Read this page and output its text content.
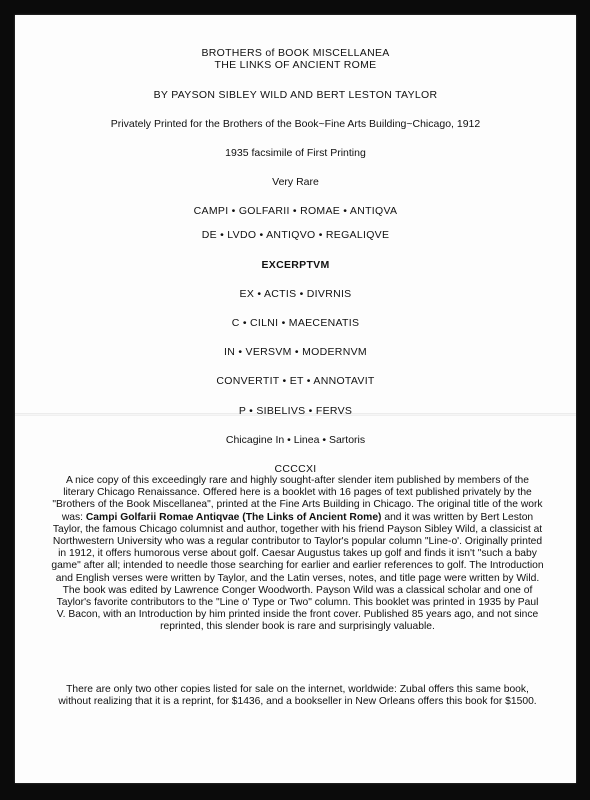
BROTHERS of BOOK MISCELLANEA
THE LINKS OF ANCIENT ROME
BY PAYSON SIBLEY WILD AND BERT LESTON TAYLOR
Privately Printed for the Brothers of the Book~Fine Arts Building~Chicago, 1912
1935 facsimile of First Printing
Very Rare
CAMPI • GOLFARII • ROMAE • ANTIQVA
DE • LVDO • ANTIQVO • REGALIQVE
EXCERPTVM
EX • ACTIS • DIVRNIS
C • CILNI • MAECENATIS
IN • VERSVM • MODERNVM
CONVERTIT • ET • ANNOTAVIT
P • SIBELIVS • FERVS
Chicagine In • Linea • Sartoris
CCCCXI
A nice copy of this exceedingly rare and highly sought-after slender item published by members of the literary Chicago Renaissance. Offered here is a booklet with 16 pages of text published privately by the "Brothers of the Book Miscellanea", printed at the Fine Arts Building in Chicago. The original title of the work was: Campi Golfarii Romae Antiqvae (The Links of Ancient Rome) and it was written by Bert Leston Taylor, the famous Chicago columnist and author, together with his friend Payson Sibley Wild, a classicist at Northwestern University who was a regular contributor to Taylor's popular column "Line-o'. Originally printed in 1912, it offers humorous verse about golf. Caesar Augustus takes up golf and finds it isn't "such a baby game" after all; intended to needle those searching for earlier and earlier references to golf. The Introduction and English verses were written by Taylor, and the Latin verses, notes, and title page were written by Wild. The book was edited by Lawrence Conger Woodworth. Payson Wild was a classical scholar and one of Taylor's favorite contributors to the "Line o' Type or Two" column. This booklet was printed in 1935 by Paul V. Bacon, with an Introduction by him printed inside the front cover. Published 85 years ago, and not since reprinted, this slender book is rare and surprisingly valuable.
There are only two other copies listed for sale on the internet, worldwide: Zubal offers this same book, without realizing that it is a reprint, for $1436, and a bookseller in New Orleans offers this book for $1500.
